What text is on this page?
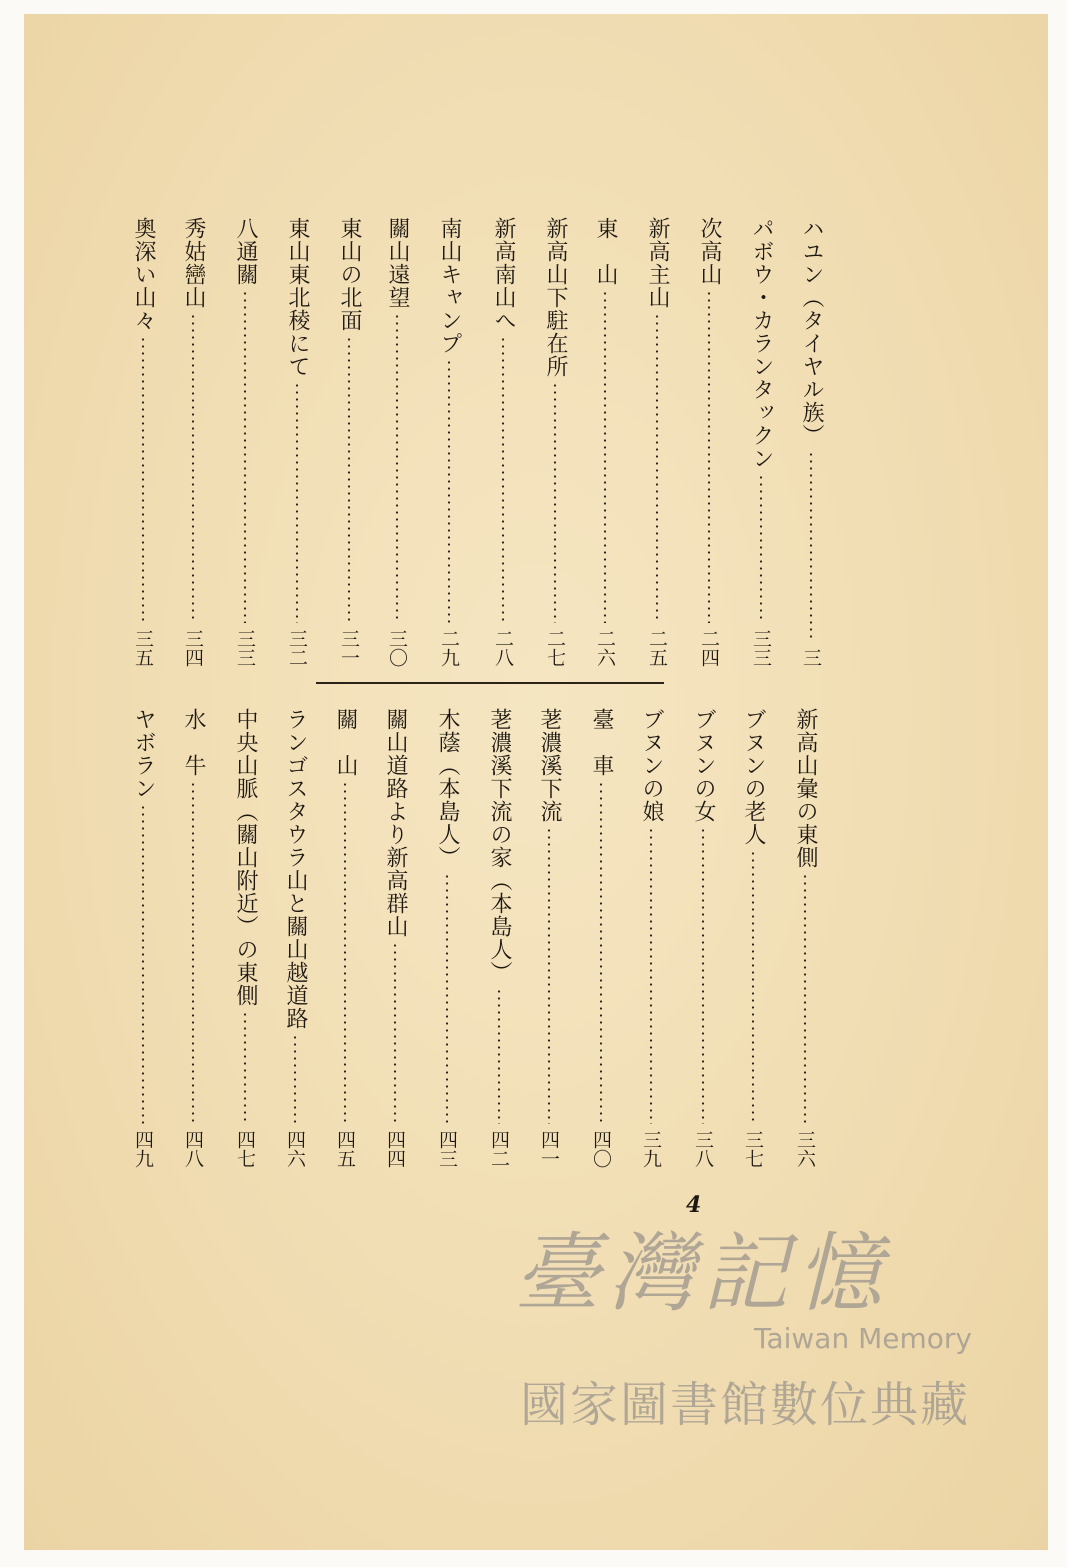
ハユン（タイヤル族）
三
パボウ・カランタックン
三三
次高山
二四
新高主山
二五
東　山
二六
新高山下駐在所
二七
新高南山へ
二八
南山キャンプ
二九
關山遠望
三〇
東山の北面
三一
東山東北稜にて
三二
八通關
三三
秀姑巒山
三四
奧深い山々
三五
新高山彙の東側
三六
ブヌンの老人
三七
ブヌンの女
三八
ブヌンの娘
三九
臺　車
四〇
荖濃溪下流
四一
荖濃溪下流の家（本島人）
四二
木蔭（本島人）
四三
關山道路より新高群山
四四
關　山
四五
ランゴスタウラ山と關山越道路
四六
中央山脈（關山附近）の東側
四七
水　牛
四八
ヤボラン
四九
4
臺灣記憶
Taiwan Memory
國家圖書館數位典藏
